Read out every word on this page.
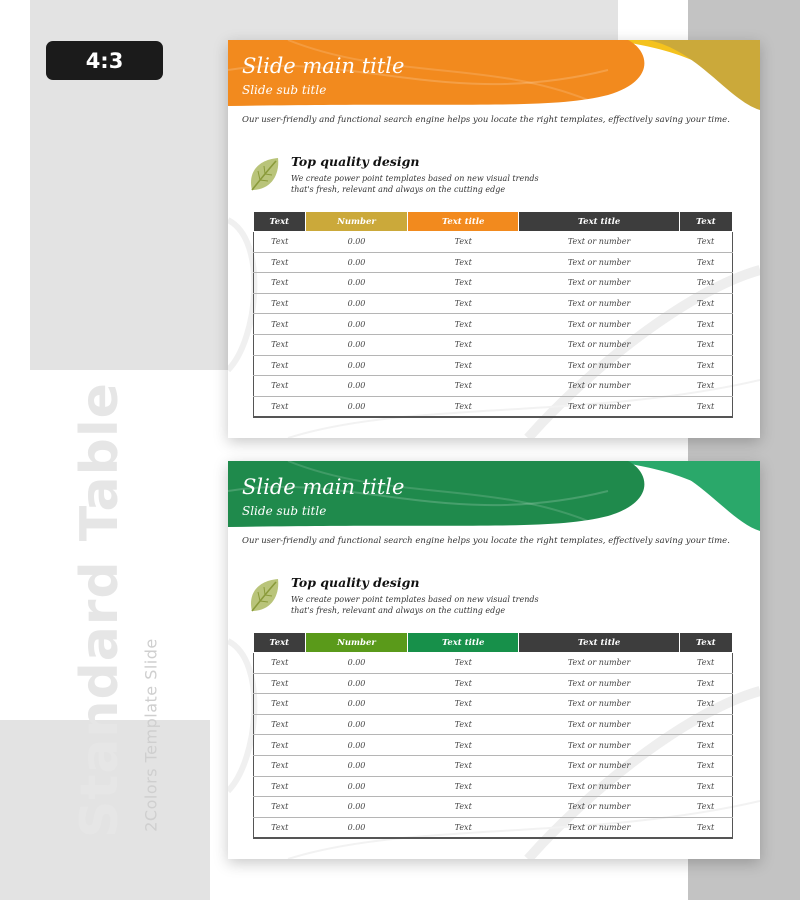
4:3
Standard Table 2Colors Template Slide
Slide main title
Slide sub title
Our user-friendly and functional search engine helps you locate the right templates, effectively saving your time.
Top quality design
We create power point templates based on new visual trends
that's fresh, relevant and always on the cutting edge
Text	Number	Text title	Text title	Text
Text	0.00	Text	Text or number	Text
Text	0.00	Text	Text or number	Text
Text	0.00	Text	Text or number	Text
Text	0.00	Text	Text or number	Text
Text	0.00	Text	Text or number	Text
Text	0.00	Text	Text or number	Text
Text	0.00	Text	Text or number	Text
Text	0.00	Text	Text or number	Text
Text	0.00	Text	Text or number	Text
Slide main title
Slide sub title
Our user-friendly and functional search engine helps you locate the right templates, effectively saving your time.
Top quality design
We create power point templates based on new visual trends
that's fresh, relevant and always on the cutting edge
Text	Number	Text title	Text title	Text
Text	0.00	Text	Text or number	Text
Text	0.00	Text	Text or number	Text
Text	0.00	Text	Text or number	Text
Text	0.00	Text	Text or number	Text
Text	0.00	Text	Text or number	Text
Text	0.00	Text	Text or number	Text
Text	0.00	Text	Text or number	Text
Text	0.00	Text	Text or number	Text
Text	0.00	Text	Text or number	Text
